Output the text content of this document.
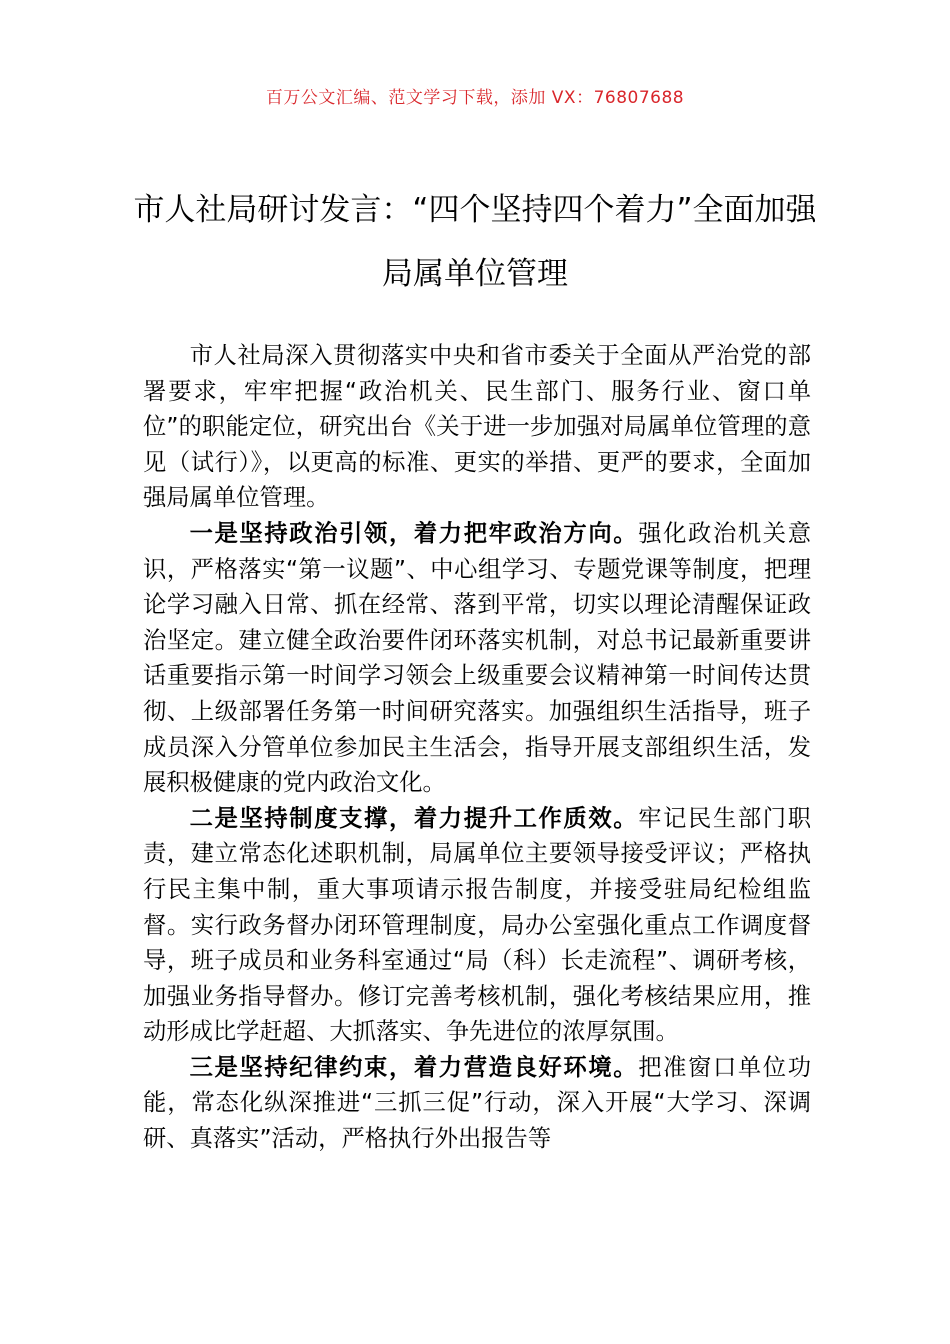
百万公文汇编、范文学习下载，添加 VX：76807688
市人社局研讨发言：“四个坚持四个着力”全面加强局属单位管理

市人社局深入贯彻落实中央和省市委关于全面从严治党的部署要求，牢牢把握“政治机关、民生部门、服务行业、窗口单位”的职能定位，研究出台《关于进一步加强对局属单位管理的意见（试行）》，以更高的标准、更实的举措、更严的要求，全面加强局属单位管理。

一是坚持政治引领，着力把牢政治方向。强化政治机关意识，严格落实“第一议题”、中心组学习、专题党课等制度，把理论学习融入日常、抓在经常、落到平常，切实以理论清醒保证政治坚定。建立健全政治要件闭环落实机制，对总书记最新重要讲话重要指示第一时间学习领会上级重要会议精神第一时间传达贯彻、上级部署任务第一时间研究落实。加强组织生活指导，班子成员深入分管单位参加民主生活会，指导开展支部组织生活，发展积极健康的党内政治文化。

二是坚持制度支撑，着力提升工作质效。牢记民生部门职责，建立常态化述职机制，局属单位主要领导接受评议；严格执行民主集中制，重大事项请示报告制度，并接受驻局纪检组监督。实行政务督办闭环管理制度，局办公室强化重点工作调度督导，班子成员和业务科室通过“局（科）长走流程”、调研考核，加强业务指导督办。修订完善考核机制，强化考核结果应用，推动形成比学赶超、大抓落实、争先进位的浓厚氛围。

三是坚持纪律约束，着力营造良好环境。把准窗口单位功能，常态化纵深推进“三抓三促”行动，深入开展“大学习、深调研、真落实”活动，严格执行外出报告等
